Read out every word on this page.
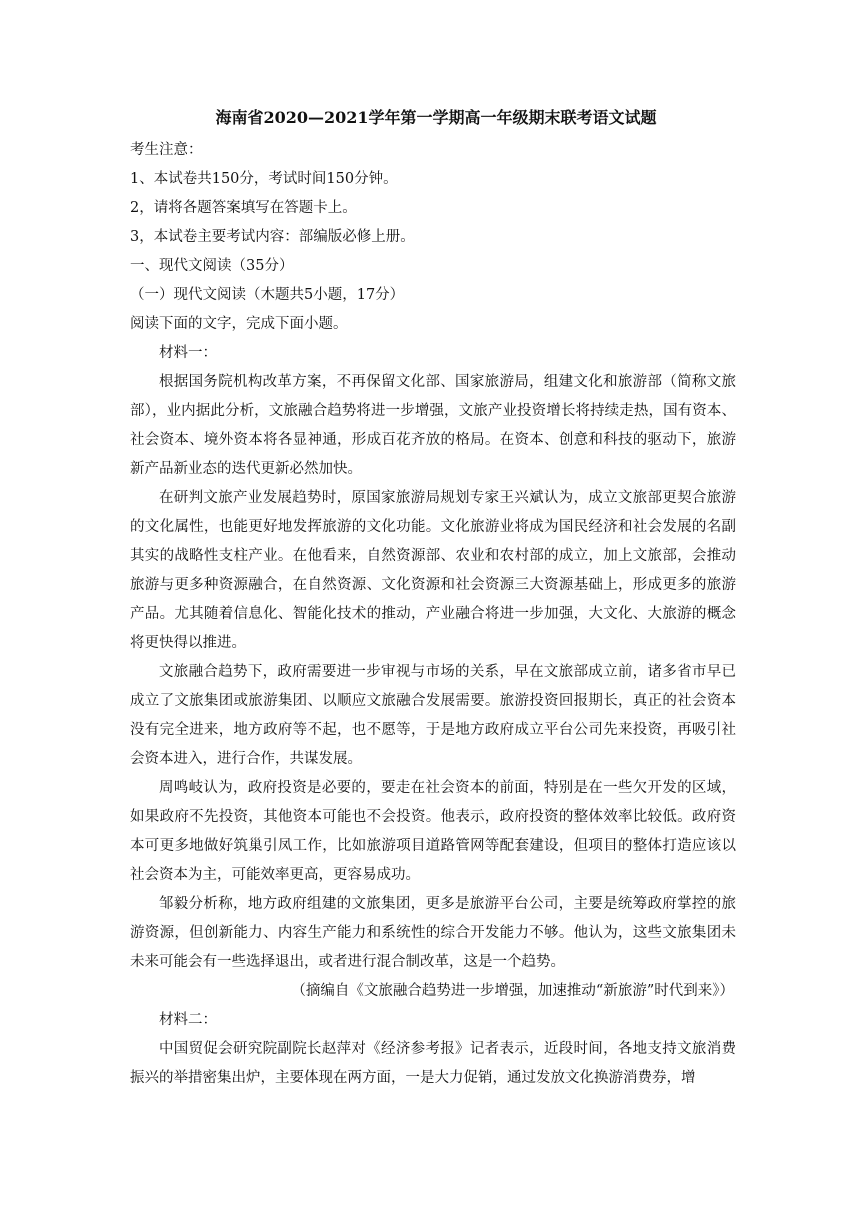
海南省2020—2021学年第一学期高一年级期末联考语文试题

考生注意：

1、本试卷共150分，考试时间150分钟。

2，请将各题答案填写在答题卡上。

3，本试卷主要考试内容：部编版必修上册。

一、现代文阅读（35分）

（一）现代文阅读（木题共5小题，17分）

阅读下面的文字，完成下面小题。

材料一：

根据国务院机构改革方案，不再保留文化部、国家旅游局，组建文化和旅游部（简称文旅部），业内据此分析，文旅融合趋势将进一步增强，文旅产业投资增长将持续走热，国有资本、社会资本、境外资本将各显神通，形成百花齐放的格局。在资本、创意和科技的驱动下，旅游新产品新业态的迭代更新必然加快。

在研判文旅产业发展趋势时，原国家旅游局规划专家王兴斌认为，成立文旅部更契合旅游的文化属性，也能更好地发挥旅游的文化功能。文化旅游业将成为国民经济和社会发展的名副其实的战略性支柱产业。在他看来，自然资源部、农业和农村部的成立，加上文旅部，会推动旅游与更多种资源融合，在自然资源、文化资源和社会资源三大资源基础上，形成更多的旅游产品。尤其随着信息化、智能化技术的推动，产业融合将进一步加强，大文化、大旅游的概念将更快得以推进。

文旅融合趋势下，政府需要进一步审视与市场的关系，早在文旅部成立前，诸多省市早已成立了文旅集团或旅游集团、以顺应文旅融合发展需要。旅游投资回报期长，真正的社会资本没有完全进来，地方政府等不起，也不愿等，于是地方政府成立平台公司先来投资，再吸引社会资本进入，进行合作，共谋发展。

周鸣岐认为，政府投资是必要的，要走在社会资本的前面，特别是在一些欠开发的区域，如果政府不先投资，其他资本可能也不会投资。他表示，政府投资的整体效率比较低。政府资本可更多地做好筑巢引凤工作，比如旅游项目道路管网等配套建设，但项目的整体打造应该以社会资本为主，可能效率更高，更容易成功。

邹毅分析称，地方政府组建的文旅集团，更多是旅游平台公司，主要是统筹政府掌控的旅游资源，但创新能力、内容生产能力和系统性的综合开发能力不够。他认为，这些文旅集团未未来可能会有一些选择退出，或者进行混合制改革，这是一个趋势。

（摘编自《文旅融合趋势进一步增强，加速推动“新旅游”时代到来》）

材料二：

中国贸促会研究院副院长赵萍对《经济参考报》记者表示，近段时间，各地支持文旅消费振兴的举措密集出炉，主要体现在两方面，一是大力促销，通过发放文化换游消费券，增
